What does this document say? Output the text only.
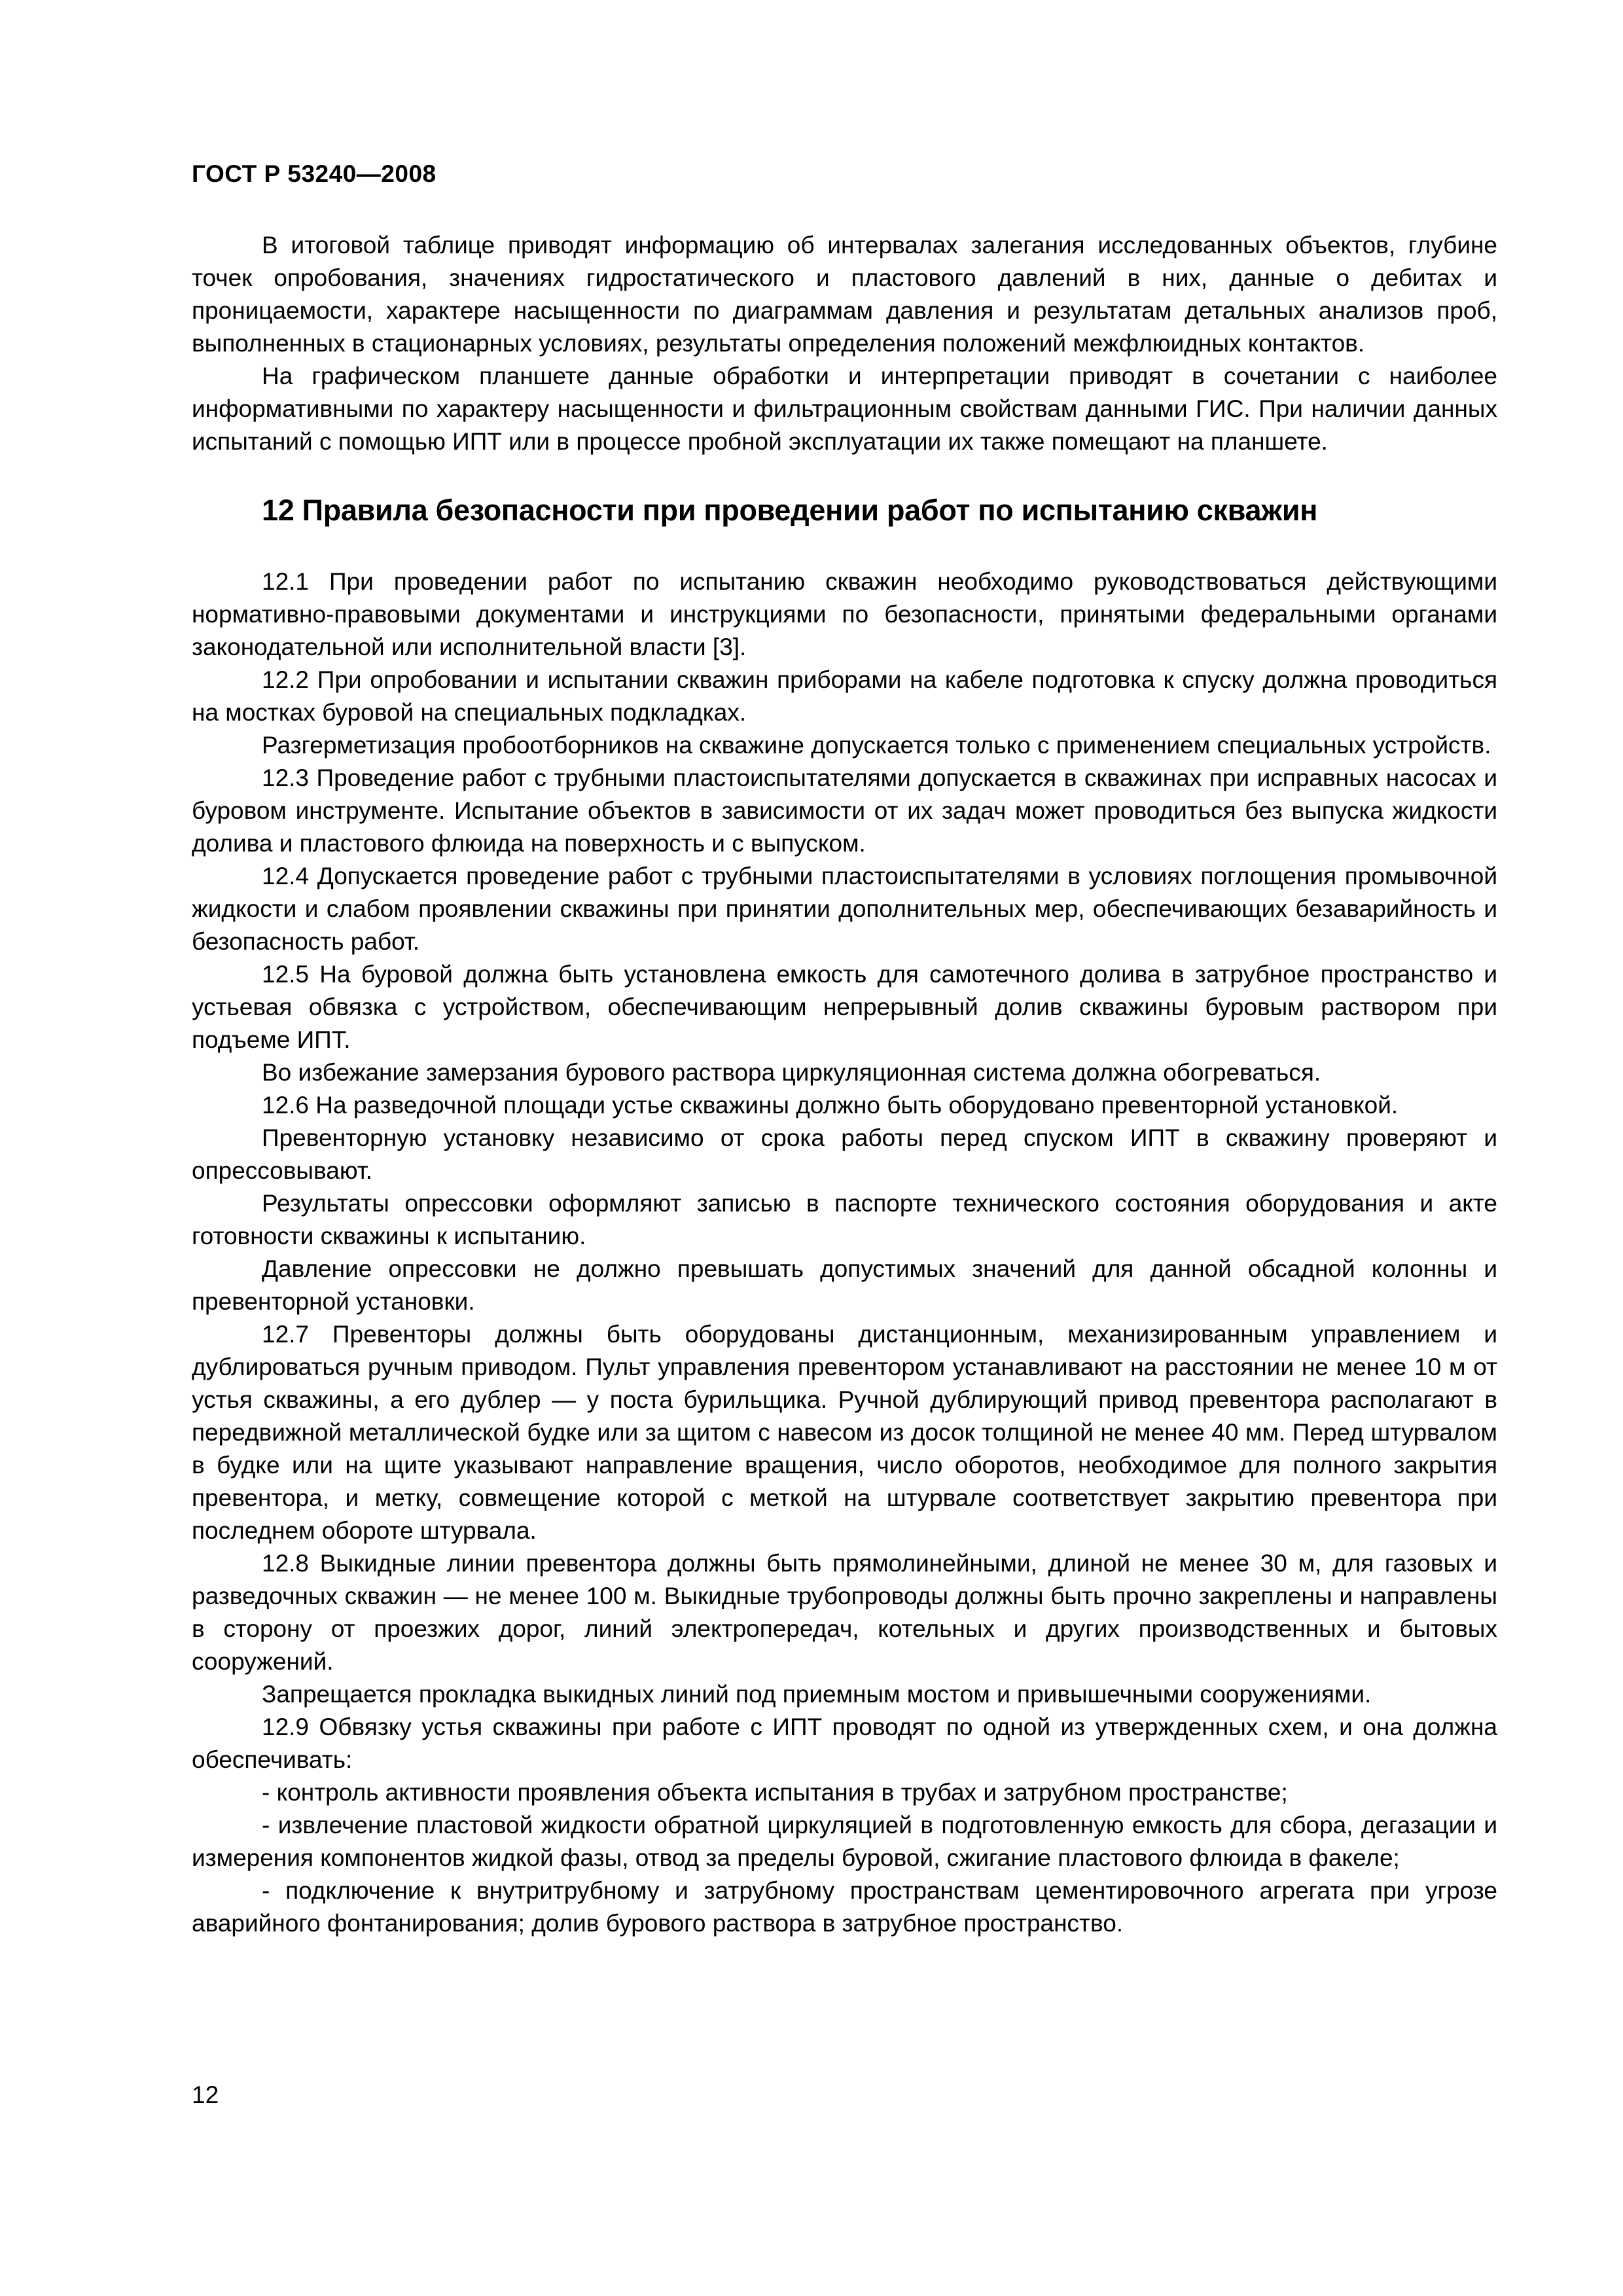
ГОСТ Р 53240—2008

В итоговой таблице приводят информацию об интервалах залегания исследованных объектов, глубине точек опробования, значениях гидростатического и пластового давлений в них, данные о дебитах и проницаемости, характере насыщенности по диаграммам давления и результатам детальных анализов проб, выполненных в стационарных условиях, результаты определения положений межфлюидных контактов.

На графическом планшете данные обработки и интерпретации приводят в сочетании с наиболее информативными по характеру насыщенности и фильтрационным свойствам данными ГИС. При наличии данных испытаний с помощью ИПТ или в процессе пробной эксплуатации их также помещают на планшете.

12 Правила безопасности при проведении работ по испытанию скважин

12.1 При проведении работ по испытанию скважин необходимо руководствоваться действующими нормативно-правовыми документами и инструкциями по безопасности, принятыми федеральными органами законодательной или исполнительной власти [3].

12.2 При опробовании и испытании скважин приборами на кабеле подготовка к спуску должна проводиться на мостках буровой на специальных подкладках.

Разгерметизация пробоотборников на скважине допускается только с применением специальных устройств.

12.3 Проведение работ с трубными пластоиспытателями допускается в скважинах при исправных насосах и буровом инструменте. Испытание объектов в зависимости от их задач может проводиться без выпуска жидкости долива и пластового флюида на поверхность и с выпуском.

12.4 Допускается проведение работ с трубными пластоиспытателями в условиях поглощения промывочной жидкости и слабом проявлении скважины при принятии дополнительных мер, обеспечивающих безаварийность и безопасность работ.

12.5 На буровой должна быть установлена емкость для самотечного долива в затрубное пространство и устьевая обвязка с устройством, обеспечивающим непрерывный долив скважины буровым раствором при подъеме ИПТ.

Во избежание замерзания бурового раствора циркуляционная система должна обогреваться.

12.6 На разведочной площади устье скважины должно быть оборудовано превенторной установкой.

Превенторную установку независимо от срока работы перед спуском ИПТ в скважину проверяют и опрессовывают.

Результаты опрессовки оформляют записью в паспорте технического состояния оборудования и акте готовности скважины к испытанию.

Давление опрессовки не должно превышать допустимых значений для данной обсадной колонны и превенторной установки.

12.7 Превенторы должны быть оборудованы дистанционным, механизированным управлением и дублироваться ручным приводом. Пульт управления превентором устанавливают на расстоянии не менее 10 м от устья скважины, а его дублер — у поста бурильщика. Ручной дублирующий привод превентора располагают в передвижной металлической будке или за щитом с навесом из досок толщиной не менее 40 мм. Перед штурвалом в будке или на щите указывают направление вращения, число оборотов, необходимое для полного закрытия превентора, и метку, совмещение которой с меткой на штурвале соответствует закрытию превентора при последнем обороте штурвала.

12.8 Выкидные линии превентора должны быть прямолинейными, длиной не менее 30 м, для газовых и разведочных скважин — не менее 100 м. Выкидные трубопроводы должны быть прочно закреплены и направлены в сторону от проезжих дорог, линий электропередач, котельных и других производственных и бытовых сооружений.

Запрещается прокладка выкидных линий под приемным мостом и привышечными сооружениями.

12.9 Обвязку устья скважины при работе с ИПТ проводят по одной из утвержденных схем, и она должна обеспечивать:

- контроль активности проявления объекта испытания в трубах и затрубном пространстве;

- извлечение пластовой жидкости обратной циркуляцией в подготовленную емкость для сбора, дегазации и измерения компонентов жидкой фазы, отвод за пределы буровой, сжигание пластового флюида в факеле;

- подключение к внутритрубному и затрубному пространствам цементировочного агрегата при угрозе аварийного фонтанирования; долив бурового раствора в затрубное пространство.

12
